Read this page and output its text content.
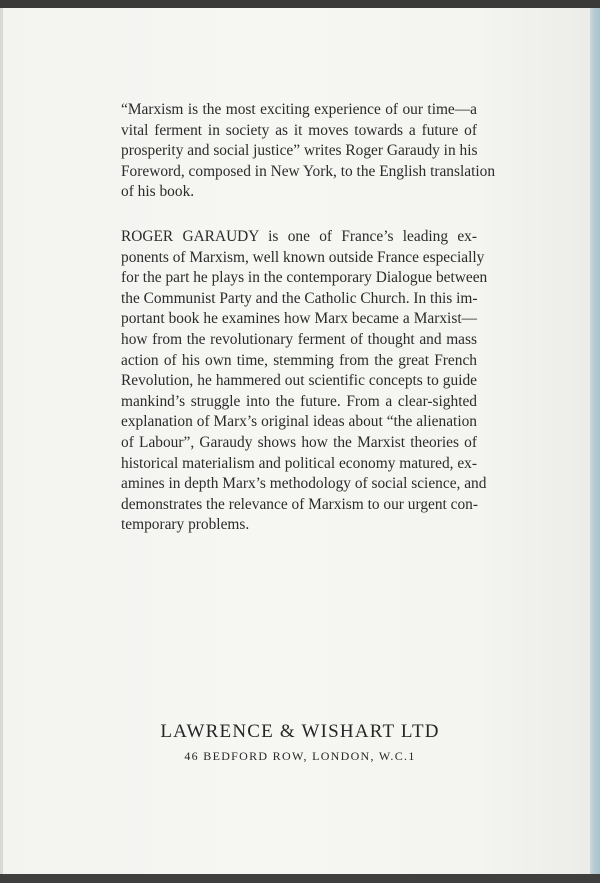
“Marxism is the most exciting experience of our time—a
vital ferment in society as it moves towards a future of
prosperity and social justice” writes Roger Garaudy in his
Foreword, composed in New York, to the English translation
of his book.

ROGER GARAUDY is one of France’s leading ex-
ponents of Marxism, well known outside France especially
for the part he plays in the contemporary Dialogue between
the Communist Party and the Catholic Church. In this im-
portant book he examines how Marx became a Marxist—
how from the revolutionary ferment of thought and mass
action of his own time, stemming from the great French
Revolution, he hammered out scientific concepts to guide
mankind’s struggle into the future. From a clear-sighted
explanation of Marx’s original ideas about “the alienation
of Labour”, Garaudy shows how the Marxist theories of
historical materialism and political economy matured, ex-
amines in depth Marx’s methodology of social science, and
demonstrates the relevance of Marxism to our urgent con-
temporary problems.

LAWRENCE & WISHART LTD
46 BEDFORD ROW, LONDON, W.C.1
